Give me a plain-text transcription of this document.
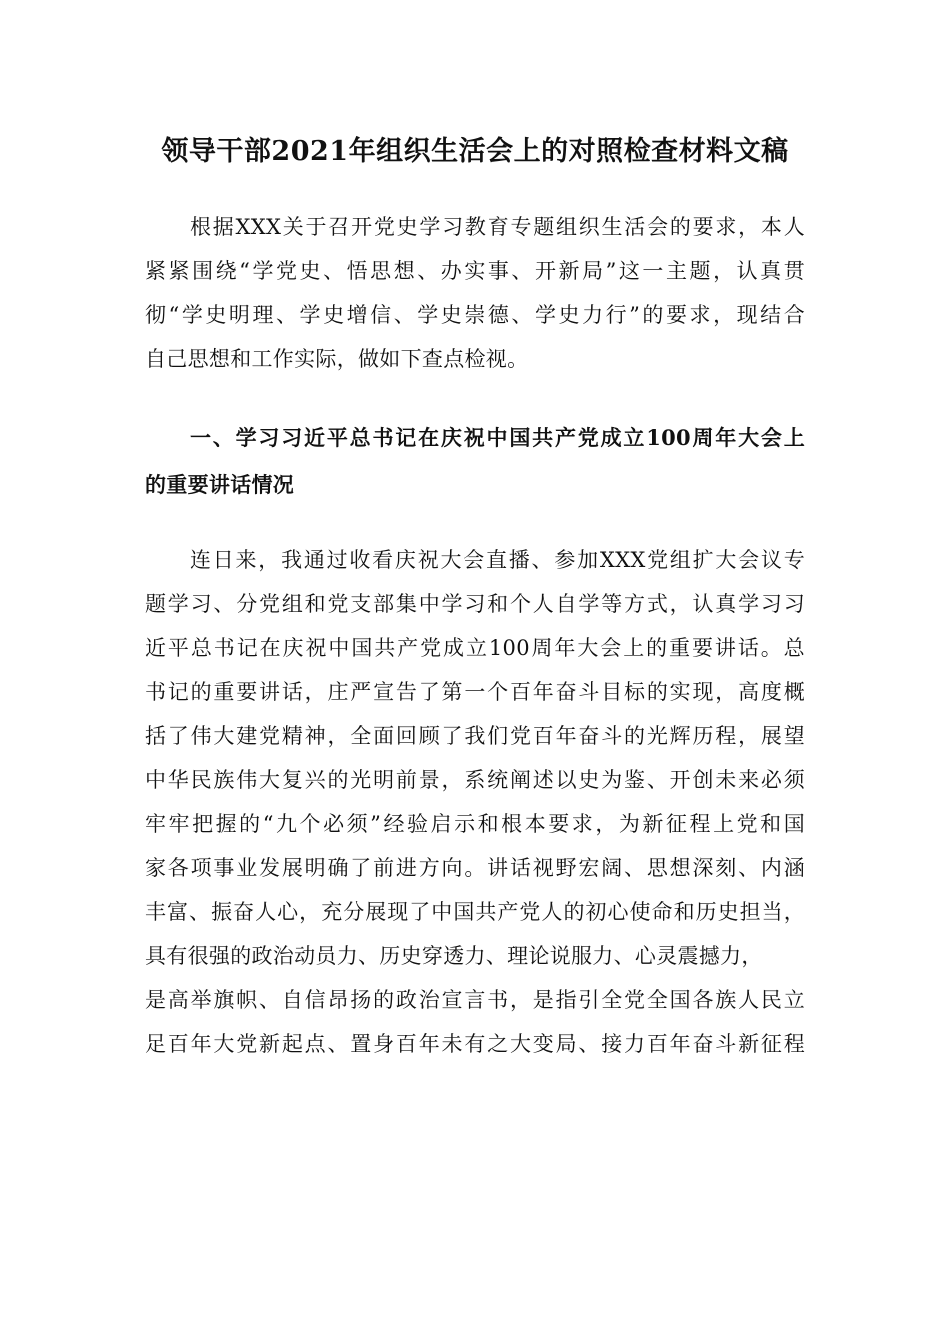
领导干部2021年组织生活会上的对照检查材料文稿
根据XXX关于召开党史学习教育专题组织生活会的要求，本人
紧紧围绕“学党史、悟思想、办实事、开新局”这一主题，认真贯
彻“学史明理、学史增信、学史崇德、学史力行”的要求，现结合
自己思想和工作实际，做如下查点检视。
一、学习习近平总书记在庆祝中国共产党成立100周年大会上
的重要讲话情况
连日来，我通过收看庆祝大会直播、参加XXX党组扩大会议专
题学习、分党组和党支部集中学习和个人自学等方式，认真学习习
近平总书记在庆祝中国共产党成立100周年大会上的重要讲话。总
书记的重要讲话，庄严宣告了第一个百年奋斗目标的实现，高度概
括了伟大建党精神，全面回顾了我们党百年奋斗的光辉历程，展望
中华民族伟大复兴的光明前景，系统阐述以史为鉴、开创未来必须
牢牢把握的“九个必须”经验启示和根本要求，为新征程上党和国
家各项事业发展明确了前进方向。讲话视野宏阔、思想深刻、内涵
丰富、振奋人心，充分展现了中国共产党人的初心使命和历史担当，
具有很强的政治动员力、历史穿透力、理论说服力、心灵震撼力，
是高举旗帜、自信昂扬的政治宣言书，是指引全党全国各族人民立
足百年大党新起点、置身百年未有之大变局、接力百年奋斗新征程
